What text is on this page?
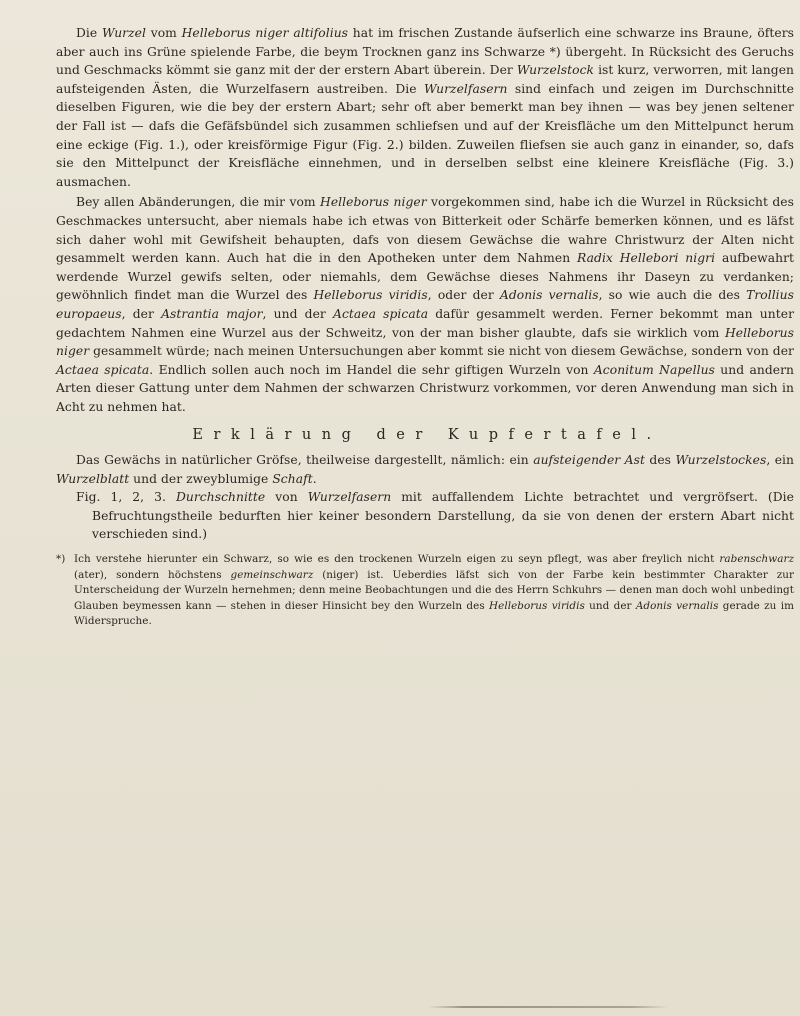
Die Wurzel vom Helleborus niger altifolius hat im frischen Zustande äufserlich eine schwarze ins Braune, öfters aber auch ins Grüne spielende Farbe, die beym Trocknen ganz ins Schwarze *) übergeht. In Rücksicht des Geruchs und Geschmacks kömmt sie ganz mit der der erstern Abart überein. Der Wurzelstock ist kurz, verworren, mit langen aufsteigenden Ästen, die Wurzelfasern austreiben. Die Wurzelfasern sind einfach und zeigen im Durchschnitte dieselben Figuren, wie die bey der erstern Abart; sehr oft aber bemerkt man bey ihnen — was bey jenen seltener der Fall ist — dafs die Gefäfsbündel sich zusammen schliefsen und auf der Kreisfläche um den Mittelpunct herum eine eckige (Fig. 1.), oder kreisförmige Figur (Fig. 2.) bilden. Zuweilen fliefsen sie auch ganz in einander, so, dafs sie den Mittelpunct der Kreisfläche einnehmen, und in derselben selbst eine kleinere Kreisfläche (Fig. 3.) ausmachen.

Bey allen Abänderungen, die mir vom Helleborus niger vorgekommen sind, habe ich die Wurzel in Rücksicht des Geschmackes untersucht, aber niemals habe ich etwas von Bitterkeit oder Schärfe bemerken können, und es läfst sich daher wohl mit Gewifsheit behaupten, dafs von diesem Gewächse die wahre Christwurz der Alten nicht gesammelt werden kann. Auch hat die in den Apotheken unter dem Nahmen Radix Hellebori nigri aufbewahrt werdende Wurzel gewifs selten, oder niemahls, dem Gewächse dieses Nahmens ihr Daseyn zu verdanken; gewöhnlich findet man die Wurzel des Helleborus viridis, oder der Adonis vernalis, so wie auch die des Trollius europaeus, der Astrantia major, und der Actaea spicata dafür gesammelt werden. Ferner bekommt man unter gedachtem Nahmen eine Wurzel aus der Schweitz, von der man bisher glaubte, dafs sie wirklich vom Helleborus niger gesammelt würde; nach meinen Untersuchungen aber kommt sie nicht von diesem Gewächse, sondern von der Actaea spicata. Endlich sollen auch noch im Handel die sehr giftigen Wurzeln von Aconitum Napellus und andern Arten dieser Gattung unter dem Nahmen der schwarzen Christwurz vorkommen, vor deren Anwendung man sich in Acht zu nehmen hat.

Erklärung der Kupfertafel.

Das Gewächs in natürlicher Gröfse, theilweise dargestellt, nämlich: ein aufsteigender Ast des Wurzelstockes, ein Wurzelblatt und der zweyblumige Schaft.

Fig. 1, 2, 3. Durchschnitte von Wurzelfasern mit auffallendem Lichte betrachtet und vergröfsert. (Die Befruchtungstheile bedurften hier keiner besondern Darstellung, da sie von denen der erstern Abart nicht verschieden sind.)

*) Ich verstehe hierunter ein Schwarz, so wie es den trockenen Wurzeln eigen zu seyn pflegt, was aber freylich nicht rabenschwarz (ater), sondern höchstens gemeinschwarz (niger) ist. Ueberdies läfst sich von der Farbe kein bestimmter Charakter zur Unterscheidung der Wurzeln hernehmen; denn meine Beobachtungen und die des Herrn Schkuhrs — denen man doch wohl unbedingt Glauben beymessen kann — stehen in dieser Hinsicht bey den Wurzeln des Helleborus viridis und der Adonis vernalis gerade zu im Widerspruche.
